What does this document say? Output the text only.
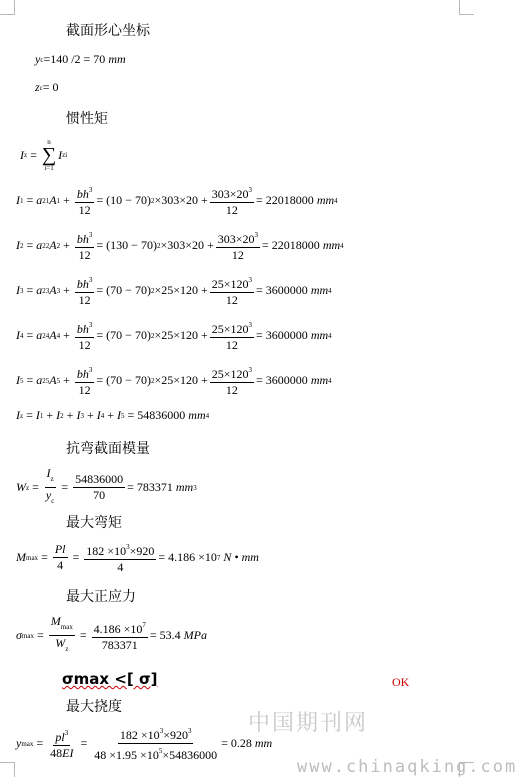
截面形心坐标
y c =140 /2 = 70
mm
z c = 0
惯性矩
I z =
n
∑
i=1
I zi
I 1 = a 2 1 A $1 + \frac{bh^3}{12} = (10 - 70)$ $2 \times 303\times 20 + \frac{303\times 20^3}{12} = 22018000$
mm 4
I 2 = a 2 2 A $2 + \frac{bh^3}{12} = (130 - 70)$ $2 \times 303\times 20 + \frac{303\times 20^3}{12} = 22018000$
mm 4
I 3 = a 2 3 A $3 + \frac{bh^3}{12} = (70 - 70)$ $2 \times 25\times 120 + \frac{25\times 120^3}{12} = 3600000$
mm 4
I 4 = a 2 4 A $4 + \frac{bh^3}{12} = (70 - 70)$ $2 \times 25\times 120 + \frac{25\times 120^3}{12} = 3600000$
mm 4
I 5 = a 2 5 A $5 + \frac{bh^3}{12} = (70 - 70)$ $2 \times 25\times 120 + \frac{25\times 120^3}{12} = 3600000$
mm 4
I z = I 1 + I 2 + I 3 + I 4 + I 5
= 54836000
mm 4
抗弯截面模量
W $z = \frac{I_z}{y_c} = \frac{54836000}{70} = 783371$
mm 3
最大弯矩
M $\max = \frac{Pl}{4} = \frac{182 \times 10^3\times 920}{4} = 4.186 \times 10$ 7
N • mm
最大正应力
σ $\max = \frac{M_{max}}{W_z} = \frac{4.186 \times 10^7}{783371} = 53.4$
MPa
σmax <[ σ]	OK
最大挠度
y $\max = \frac{pl^3}{48EI} = \frac{182 \times 10^3\times 920^3}{48 \times 1.95 \times 10^5\times 54836000} = 0.28$
mm
中国期刊网
www.chinaqking.com
